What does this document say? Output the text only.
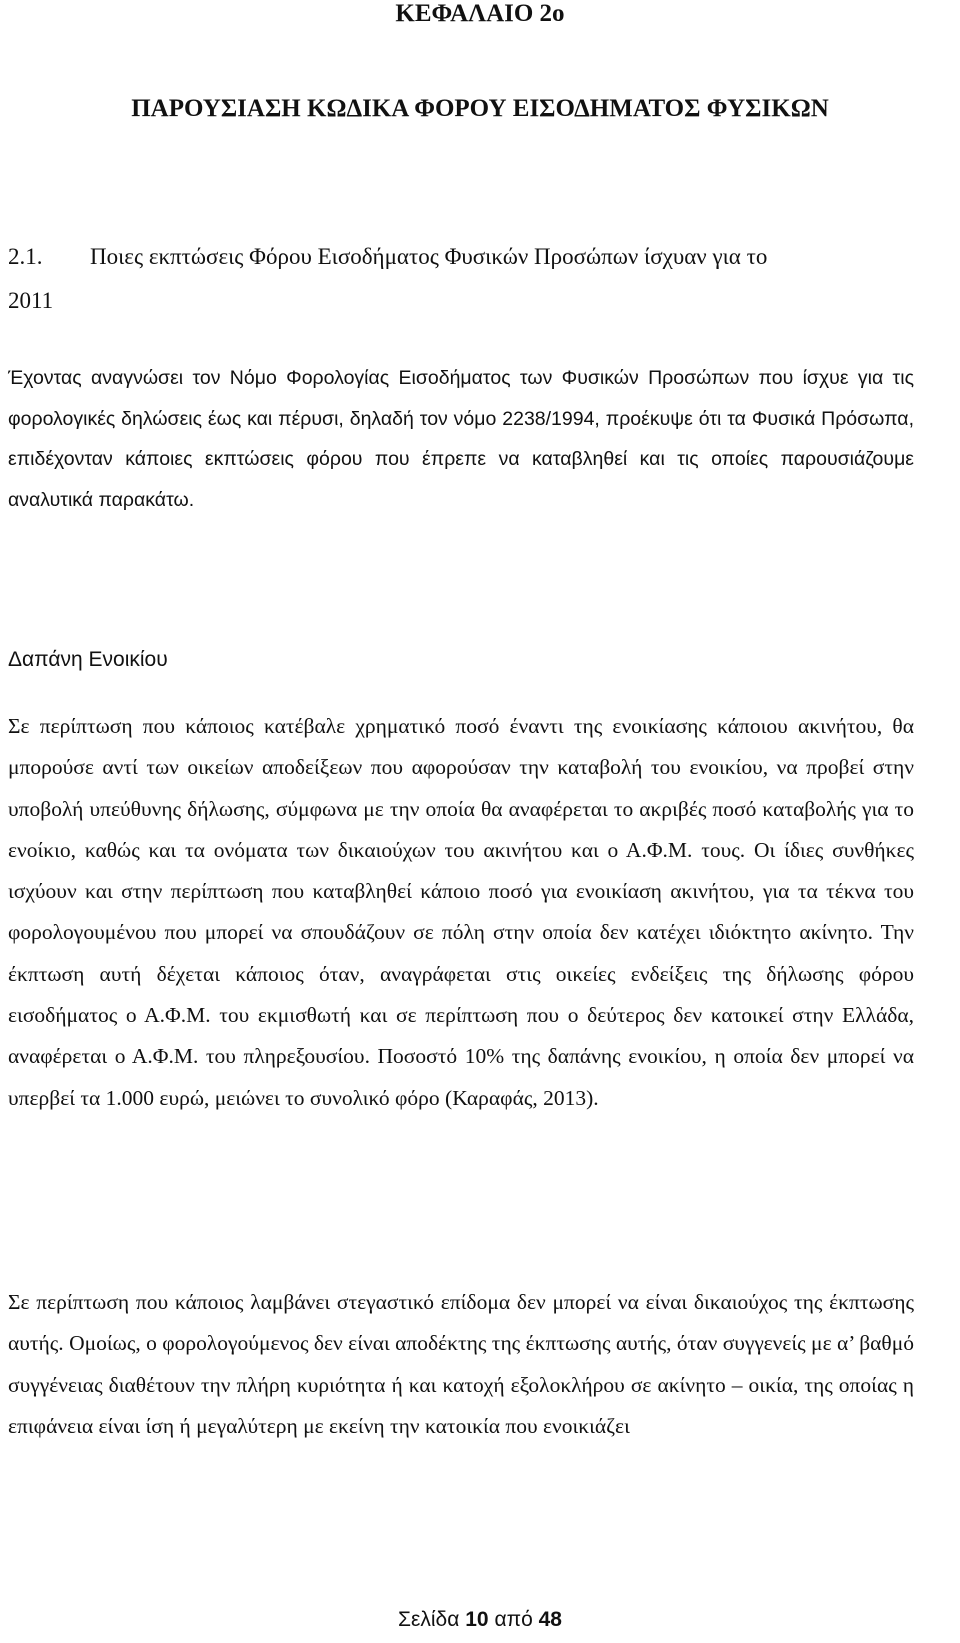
ΚΕΦΑΛΑΙΟ 2ο
ΠΑΡΟΥΣΙΑΣΗ ΚΩΔΙΚΑ ΦΟΡΟΥ ΕΙΣΟΔΗΜΑΤΟΣ ΦΥΣΙΚΩΝ
2.1. Ποιες εκπτώσεις Φόρου Εισοδήματος Φυσικών Προσώπων ίσχυαν για το
2011

Έχοντας αναγνώσει τον Νόμο Φορολογίας Εισοδήματος των Φυσικών Προσώπων που ίσχυε για τις φορολογικές δηλώσεις έως και πέρυσι, δηλαδή τον νόμο 2238/1994, προέκυψε ότι τα Φυσικά Πρόσωπα, επιδέχονταν κάποιες εκπτώσεις φόρου που έπρεπε να καταβληθεί και τις οποίες παρουσιάζουμε αναλυτικά παρακάτω.

Δαπάνη Ενοικίου

Σε περίπτωση που κάποιος κατέβαλε χρηματικό ποσό έναντι της ενοικίασης κάποιου ακινήτου, θα μπορούσε αντί των οικείων αποδείξεων που αφορούσαν την καταβολή του ενοικίου, να προβεί στην υποβολή υπεύθυνης δήλωσης, σύμφωνα με την οποία θα αναφέρεται το ακριβές ποσό καταβολής για το ενοίκιο, καθώς και τα ονόματα των δικαιούχων του ακινήτου και ο Α.Φ.Μ. τους. Οι ίδιες συνθήκες ισχύουν και στην περίπτωση που καταβληθεί κάποιο ποσό για ενοικίαση ακινήτου, για τα τέκνα του φορολογουμένου που μπορεί να σπουδάζουν σε πόλη στην οποία δεν κατέχει ιδιόκτητο ακίνητο. Την έκπτωση αυτή δέχεται κάποιος όταν, αναγράφεται στις οικείες ενδείξεις της δήλωσης φόρου εισοδήματος ο Α.Φ.Μ. του εκμισθωτή και σε περίπτωση που ο δεύτερος δεν κατοικεί στην Ελλάδα, αναφέρεται ο Α.Φ.Μ. του πληρεξουσίου. Ποσοστό 10% της δαπάνης ενοικίου, η οποία δεν μπορεί να υπερβεί τα 1.000 ευρώ, μειώνει το συνολικό φόρο (Καραφάς, 2013).

Σε περίπτωση που κάποιος λαμβάνει στεγαστικό επίδομα δεν μπορεί να είναι δικαιούχος της έκπτωσης αυτής. Ομοίως, ο φορολογούμενος δεν είναι αποδέκτης της έκπτωσης αυτής, όταν συγγενείς με α’ βαθμό συγγένειας διαθέτουν την πλήρη κυριότητα ή και κατοχή εξολοκλήρου σε ακίνητο – οικία, της οποίας η επιφάνεια είναι ίση ή μεγαλύτερη με εκείνη την κατοικία που ενοικιάζει

Σελίδα 10 από 48
